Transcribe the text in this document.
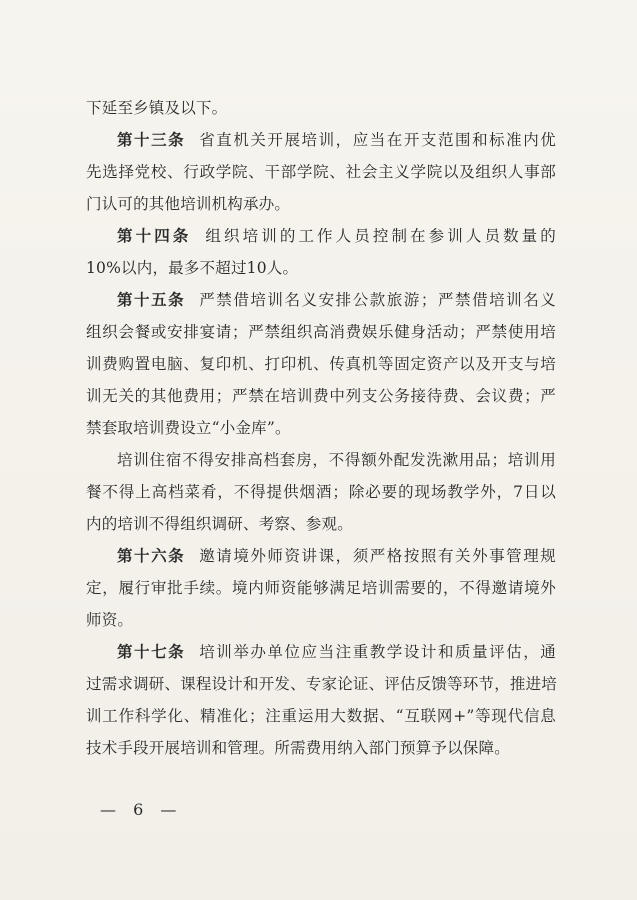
下延至乡镇及以下。

第十三条 省直机关开展培训，应当在开支范围和标准内优

先选择党校、行政学院、干部学院、社会主义学院以及组织人事部

门认可的其他培训机构承办。

第十四条 组织培训的工作人员控制在参训人员数量的

10%以内，最多不超过10人。

第十五条 严禁借培训名义安排公款旅游；严禁借培训名义

组织会餐或安排宴请；严禁组织高消费娱乐健身活动；严禁使用培

训费购置电脑、复印机、打印机、传真机等固定资产以及开支与培

训无关的其他费用；严禁在培训费中列支公务接待费、会议费；严

禁套取培训费设立“小金库”。

培训住宿不得安排高档套房，不得额外配发洗漱用品；培训用

餐不得上高档菜肴，不得提供烟酒；除必要的现场教学外，7日以

内的培训不得组织调研、考察、参观。

第十六条 邀请境外师资讲课，须严格按照有关外事管理规

定，履行审批手续。境内师资能够满足培训需要的，不得邀请境外

师资。

第十七条 培训举办单位应当注重教学设计和质量评估，通

过需求调研、课程设计和开发、专家论证、评估反馈等环节，推进培

训工作科学化、精准化；注重运用大数据、“互联网+”等现代信息

技术手段开展培训和管理。所需费用纳入部门预算予以保障。

— 6 —
